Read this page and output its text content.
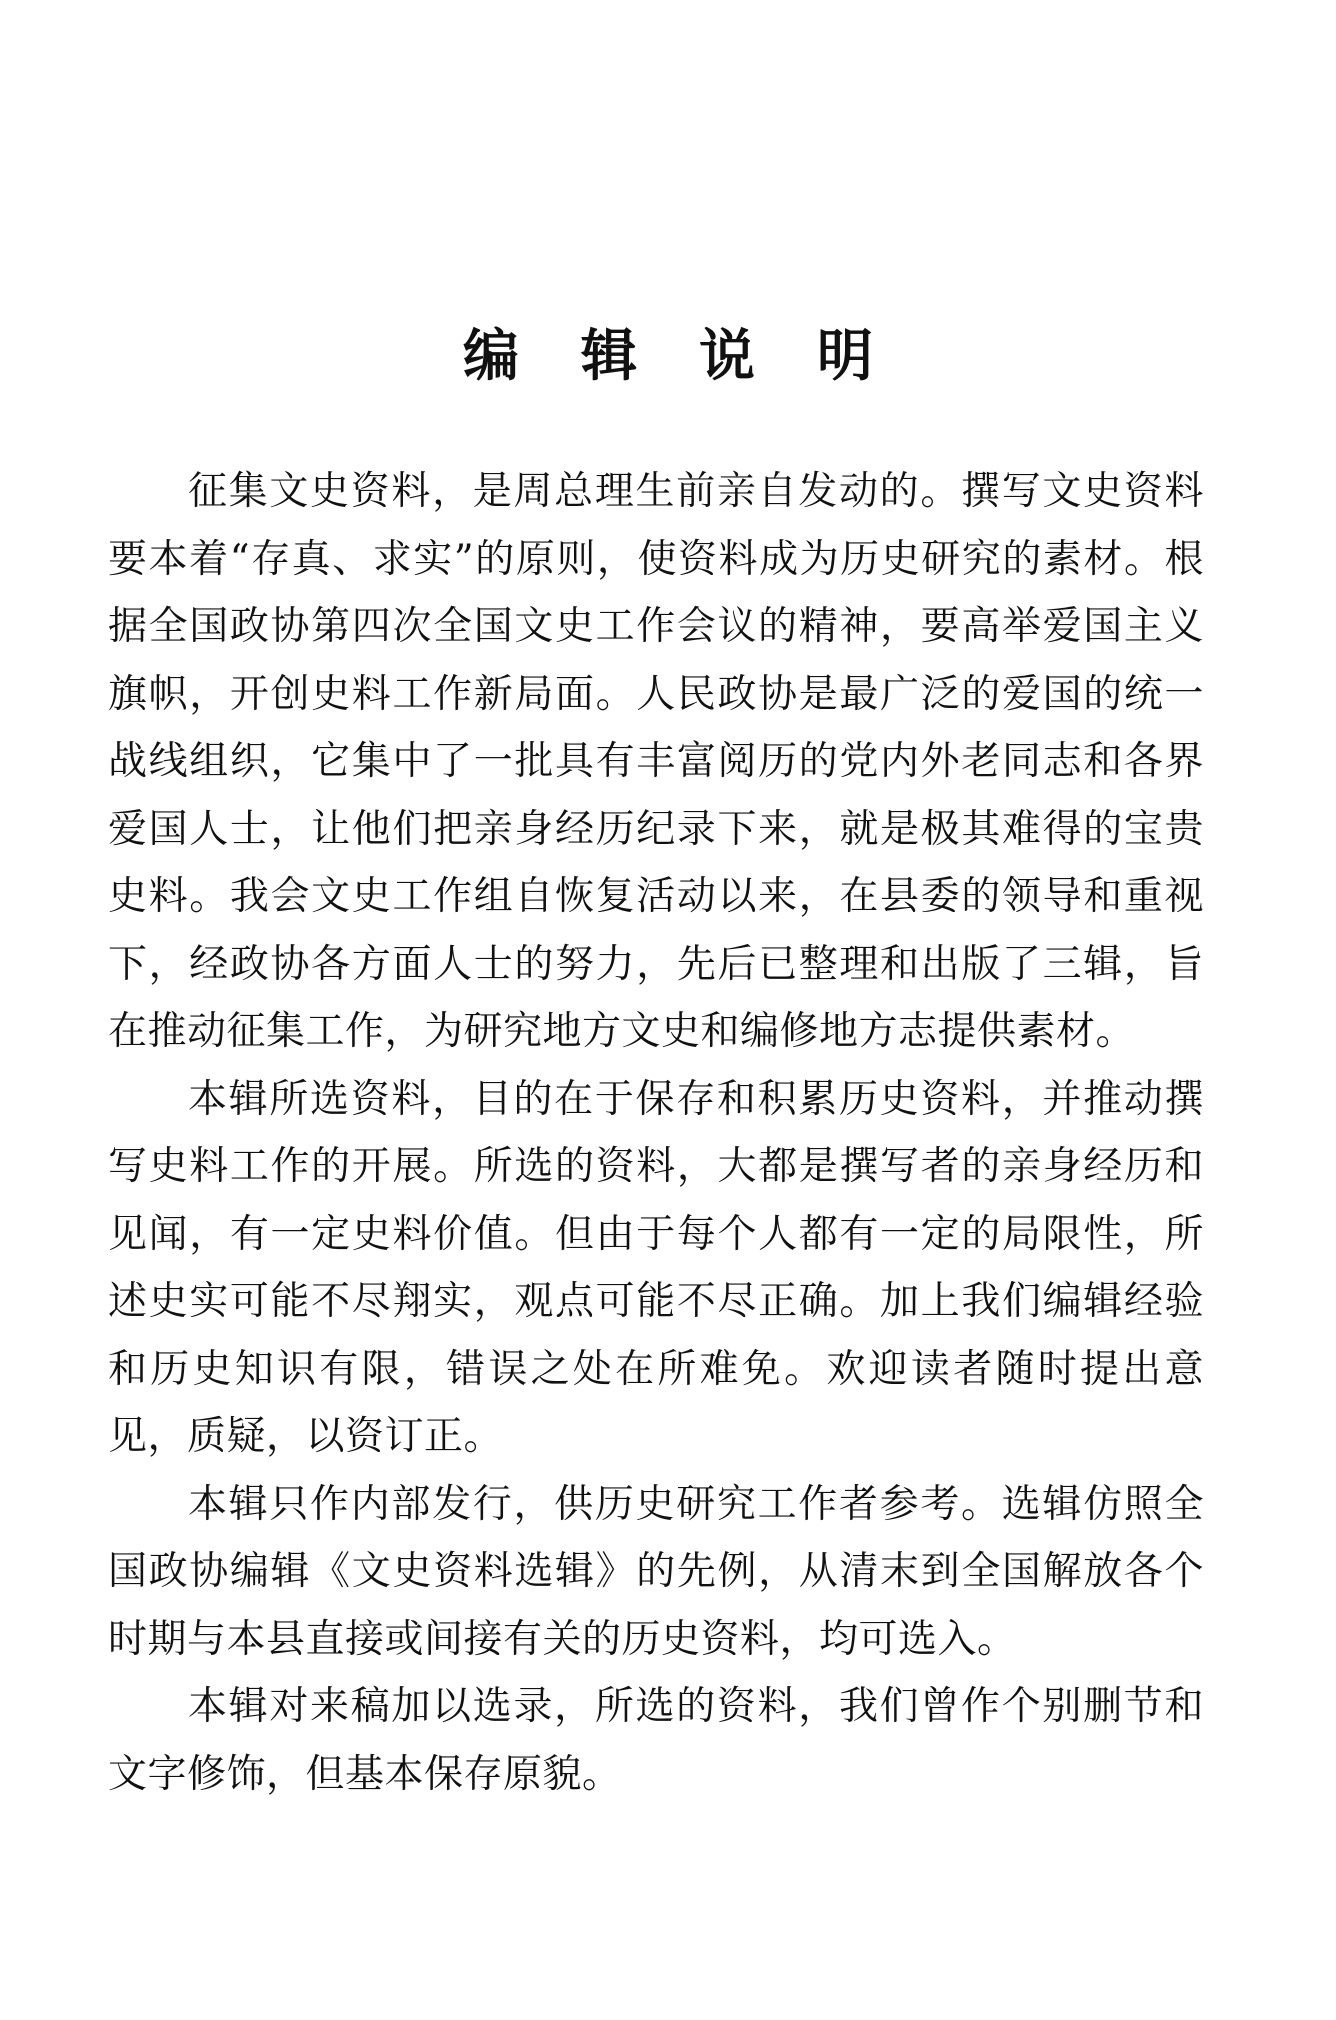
编辑说明

征集文史资料，是周总理生前亲自发动的。撰写文史资料要本着“存真、求实”的原则，使资料成为历史研究的素材。根据全国政协第四次全国文史工作会议的精神，要高举爱国主义旗帜，开创史料工作新局面。人民政协是最广泛的爱国的统一战线组织，它集中了一批具有丰富阅历的党内外老同志和各界爱国人士，让他们把亲身经历纪录下来，就是极其难得的宝贵史料。我会文史工作组自恢复活动以来，在县委的领导和重视下，经政协各方面人士的努力，先后已整理和出版了三辑，旨在推动征集工作，为研究地方文史和编修地方志提供素材。

本辑所选资料，目的在于保存和积累历史资料，并推动撰写史料工作的开展。所选的资料，大都是撰写者的亲身经历和见闻，有一定史料价值。但由于每个人都有一定的局限性，所述史实可能不尽翔实，观点可能不尽正确。加上我们编辑经验和历史知识有限，错误之处在所难免。欢迎读者随时提出意见，质疑，以资订正。

本辑只作内部发行，供历史研究工作者参考。选辑仿照全国政协编辑《文史资料选辑》的先例，从清末到全国解放各个时期与本县直接或间接有关的历史资料，均可选入。

本辑对来稿加以选录，所选的资料，我们曾作个别删节和文字修饰，但基本保存原貌。
